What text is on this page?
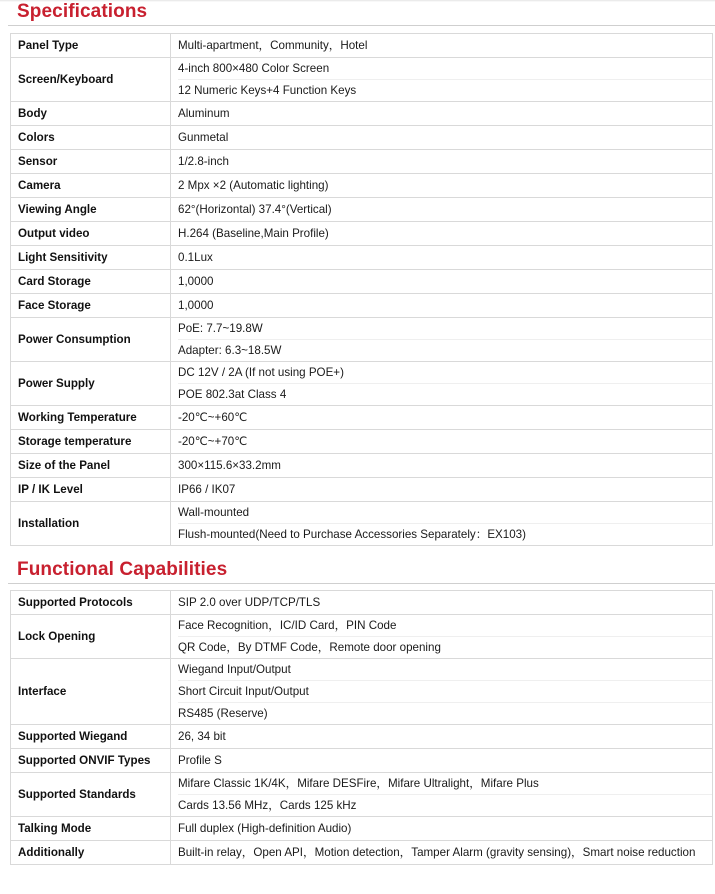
Specifications
Panel Type	Multi-apartment，Community，Hotel

Screen/Keyboard	4-inch 800×480 Color Screen
12 Numeric Keys+4 Function Keys

Body	Aluminum

Colors	Gunmetal

Sensor	1/2.8-inch

Camera	2 Mpx ×2 (Automatic lighting)

Viewing Angle	62°(Horizontal) 37.4°(Vertical)

Output video	H.264 (Baseline,Main Profile)

Light Sensitivity	0.1Lux

Card Storage	1,0000

Face Storage	1,0000

Power Consumption	PoE: 7.7~19.8W
Adapter: 6.3~18.5W

Power Supply	DC 12V / 2A (If not using POE+)
POE 802.3at Class 4

Working Temperature	-20℃~+60℃

Storage temperature	-20℃~+70℃

Size of the Panel	300×115.6×33.2mm

IP / IK Level	IP66 / IK07

Installation	Wall-mounted
Flush-mounted(Need to Purchase Accessories Separately：EX103)
Functional Capabilities
Supported Protocols	SIP 2.0 over UDP/TCP/TLS

Lock Opening	Face Recognition，IC/ID Card，PIN Code
QR Code，By DTMF Code，Remote door opening

Interface	Wiegand Input/Output
Short Circuit Input/Output
RS485 (Reserve)

Supported Wiegand	26, 34 bit

Supported ONVIF Types	Profile S

Supported Standards	Mifare Classic 1K/4K，Mifare DESFire，Mifare Ultralight，Mifare Plus
Cards 13.56 MHz，Cards 125 kHz

Talking Mode	Full duplex (High-definition Audio)

Additionally	Built-in relay，Open API，Motion detection，Tamper Alarm (gravity sensing)，Smart noise reduction
